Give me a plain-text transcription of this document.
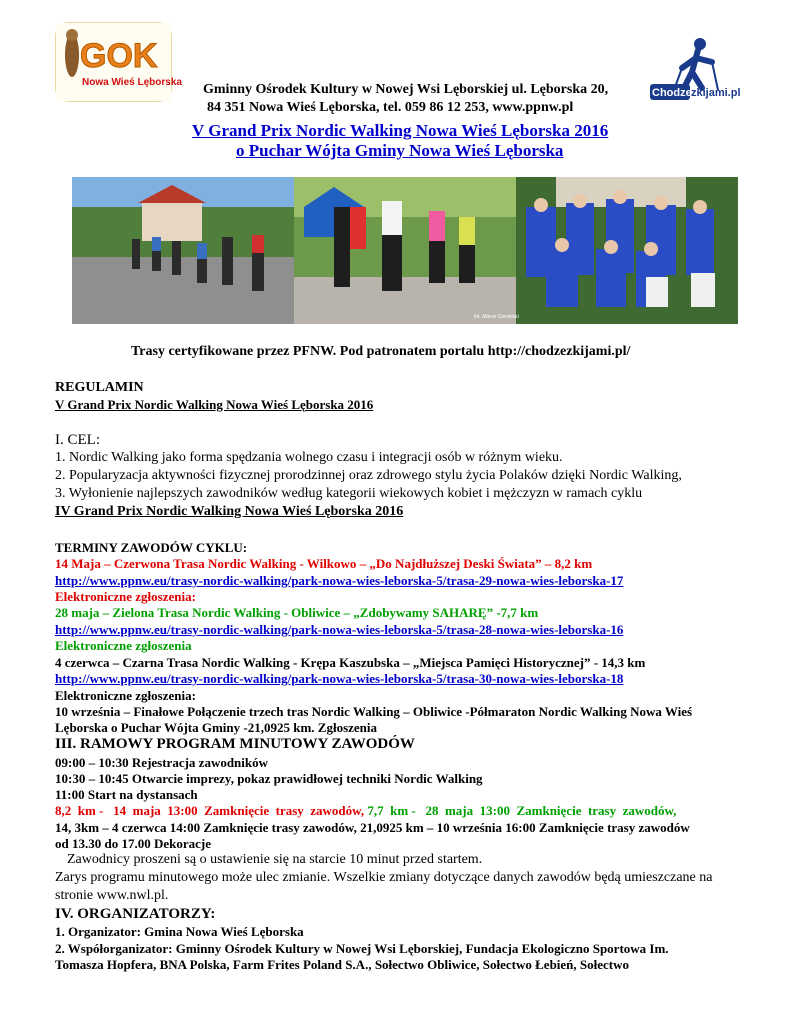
GOK
Nowa Wieś Lęborska
Chodze zkijami.pl
Gminny Ośrodek Kultury w Nowej Wsi Lęborskiej ul. Lęborska 20,
84 351 Nowa Wieś Lęborska, tel. 059 86 12 253, www.ppnw.pl
V Grand Prix Nordic Walking Nowa Wieś Lęborska 2016
o Puchar Wójta Gminy Nowa Wieś Lęborska
fot. Marek Ciesielski
Trasy certyfikowane przez PFNW. Pod patronatem portalu http://chodzezkijami.pl/
REGULAMIN
V Grand Prix Nordic Walking Nowa Wieś Lęborska 2016
I. CEL:
1. Nordic Walking jako forma spędzania wolnego czasu i integracji osób w różnym wieku.
2. Popularyzacja aktywności fizycznej prorodzinnej oraz zdrowego stylu życia Polaków dzięki Nordic Walking,
3. Wyłonienie najlepszych zawodników według kategorii wiekowych kobiet i mężczyzn w ramach cyklu
IV Grand Prix Nordic Walking Nowa Wieś Lęborska 2016
TERMINY ZAWODÓW CYKLU:
14 Maja – Czerwona Trasa Nordic Walking - Wilkowo – „Do Najdłuższej Deski Świata” – 8,2 km
http://www.ppnw.eu/trasy-nordic-walking/park-nowa-wies-leborska-5/trasa-29-nowa-wies-leborska-17
Elektroniczne zgłoszenia:
28 maja – Zielona Trasa Nordic Walking - Obliwice – „Zdobywamy SAHARĘ” -7,7 km
http://www.ppnw.eu/trasy-nordic-walking/park-nowa-wies-leborska-5/trasa-28-nowa-wies-leborska-16
Elektroniczne zgłoszenia
4 czerwca – Czarna Trasa Nordic Walking - Krępa Kaszubska – „Miejsca Pamięci Historycznej” - 14,3 km
http://www.ppnw.eu/trasy-nordic-walking/park-nowa-wies-leborska-5/trasa-30-nowa-wies-leborska-18
Elektroniczne zgłoszenia:
10 września – Finałowe Połączenie trzech tras Nordic Walking – Obliwice -Półmaraton Nordic Walking Nowa Wieś
Lęborska o Puchar Wójta Gminy -21,0925 km. Zgłoszenia
III. RAMOWY PROGRAM MINUTOWY ZAWODÓW
09:00 – 10:30 Rejestracja zawodników
10:30 – 10:45 Otwarcie imprezy, pokaz prawidłowej techniki Nordic Walking
11:00 Start na dystansach
8,2  km -   14  maja  13:00  Zamknięcie  trasy  zawodów, 7,7  km -   28  maja  13:00  Zamknięcie  trasy  zawodów,
14, 3km – 4 czerwca 14:00 Zamknięcie trasy zawodów, 21,0925 km – 10 września 16:00 Zamknięcie trasy zawodów
od 13.30 do 17.00 Dekoracje
Zawodnicy proszeni są o ustawienie się na starcie 10 minut przed startem.
Zarys programu minutowego może ulec zmianie. Wszelkie zmiany dotyczące danych zawodów będą umieszczane na
stronie www.nwl.pl.
IV. ORGANIZATORZY:
1. Organizator: Gmina Nowa Wieś Lęborska
2. Współorganizator: Gminny Ośrodek Kultury w Nowej Wsi Lęborskiej, Fundacja Ekologiczno Sportowa Im.
Tomasza Hopfera, BNA Polska, Farm Frites Poland S.A., Sołectwo Obliwice, Sołectwo Łebień, Sołectwo
